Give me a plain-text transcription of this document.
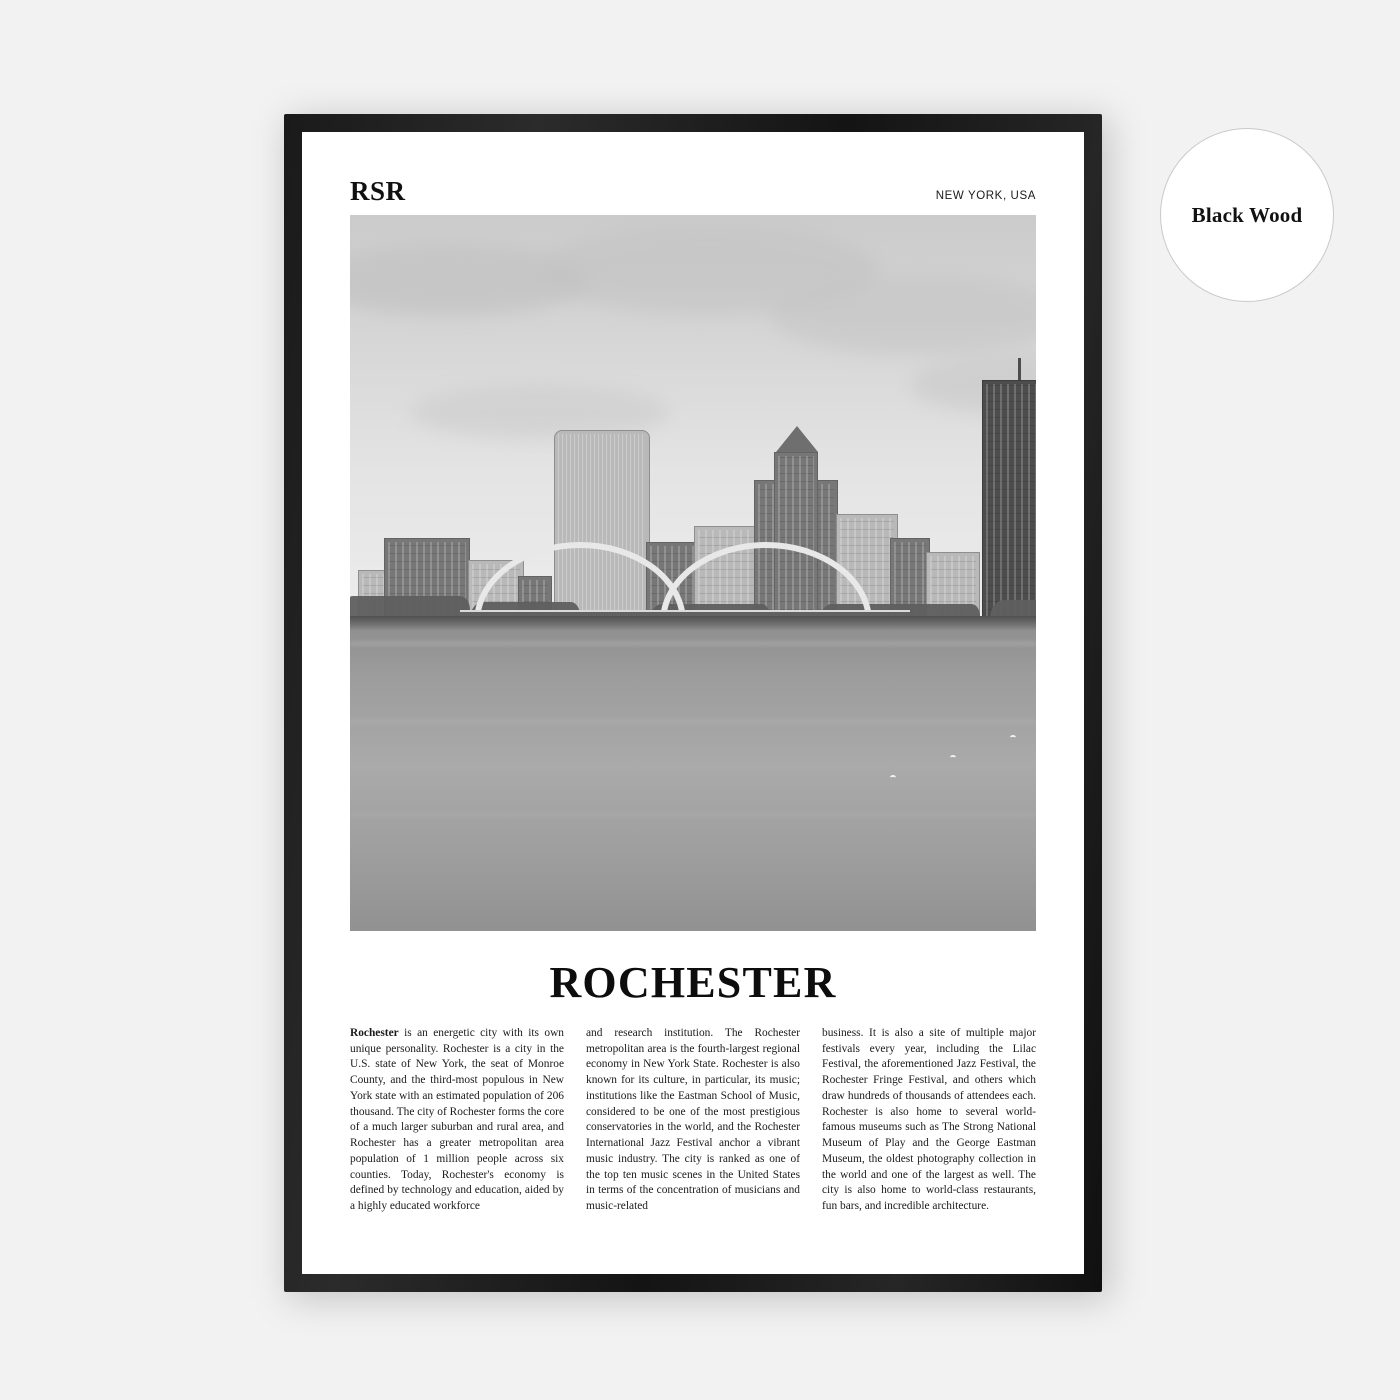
RSR	NEW YORK, USA
ROCHESTER
Rochester is an energetic city with its own unique personality. Rochester is a city in the U.S. state of New York, the seat of Monroe County, and the third-most populous in New York state with an estimated population of 206 thousand. The city of Rochester forms the core of a much larger suburban and rural area, and Rochester has a greater metropolitan area population of 1 million people across six counties. Today, Rochester's economy is defined by technology and education, aided by a highly educated workforce
and research institution. The Rochester metropolitan area is the fourth-largest regional economy in New York State. Rochester is also known for its culture, in particular, its music; institutions like the Eastman School of Music, considered to be one of the most prestigious conservatories in the world, and the Rochester International Jazz Festival anchor a vibrant music industry. The city is ranked as one of the top ten music scenes in the United States in terms of the concentration of musicians and music-related
business. It is also a site of multiple major festivals every year, including the Lilac Festival, the aforementioned Jazz Festival, the Rochester Fringe Festival, and others which draw hundreds of thousands of attendees each. Rochester is also home to several world-famous museums such as The Strong National Museum of Play and the George Eastman Museum, the oldest photography collection in the world and one of the largest as well. The city is also home to world-class restaurants, fun bars, and incredible architecture.
Black Wood
